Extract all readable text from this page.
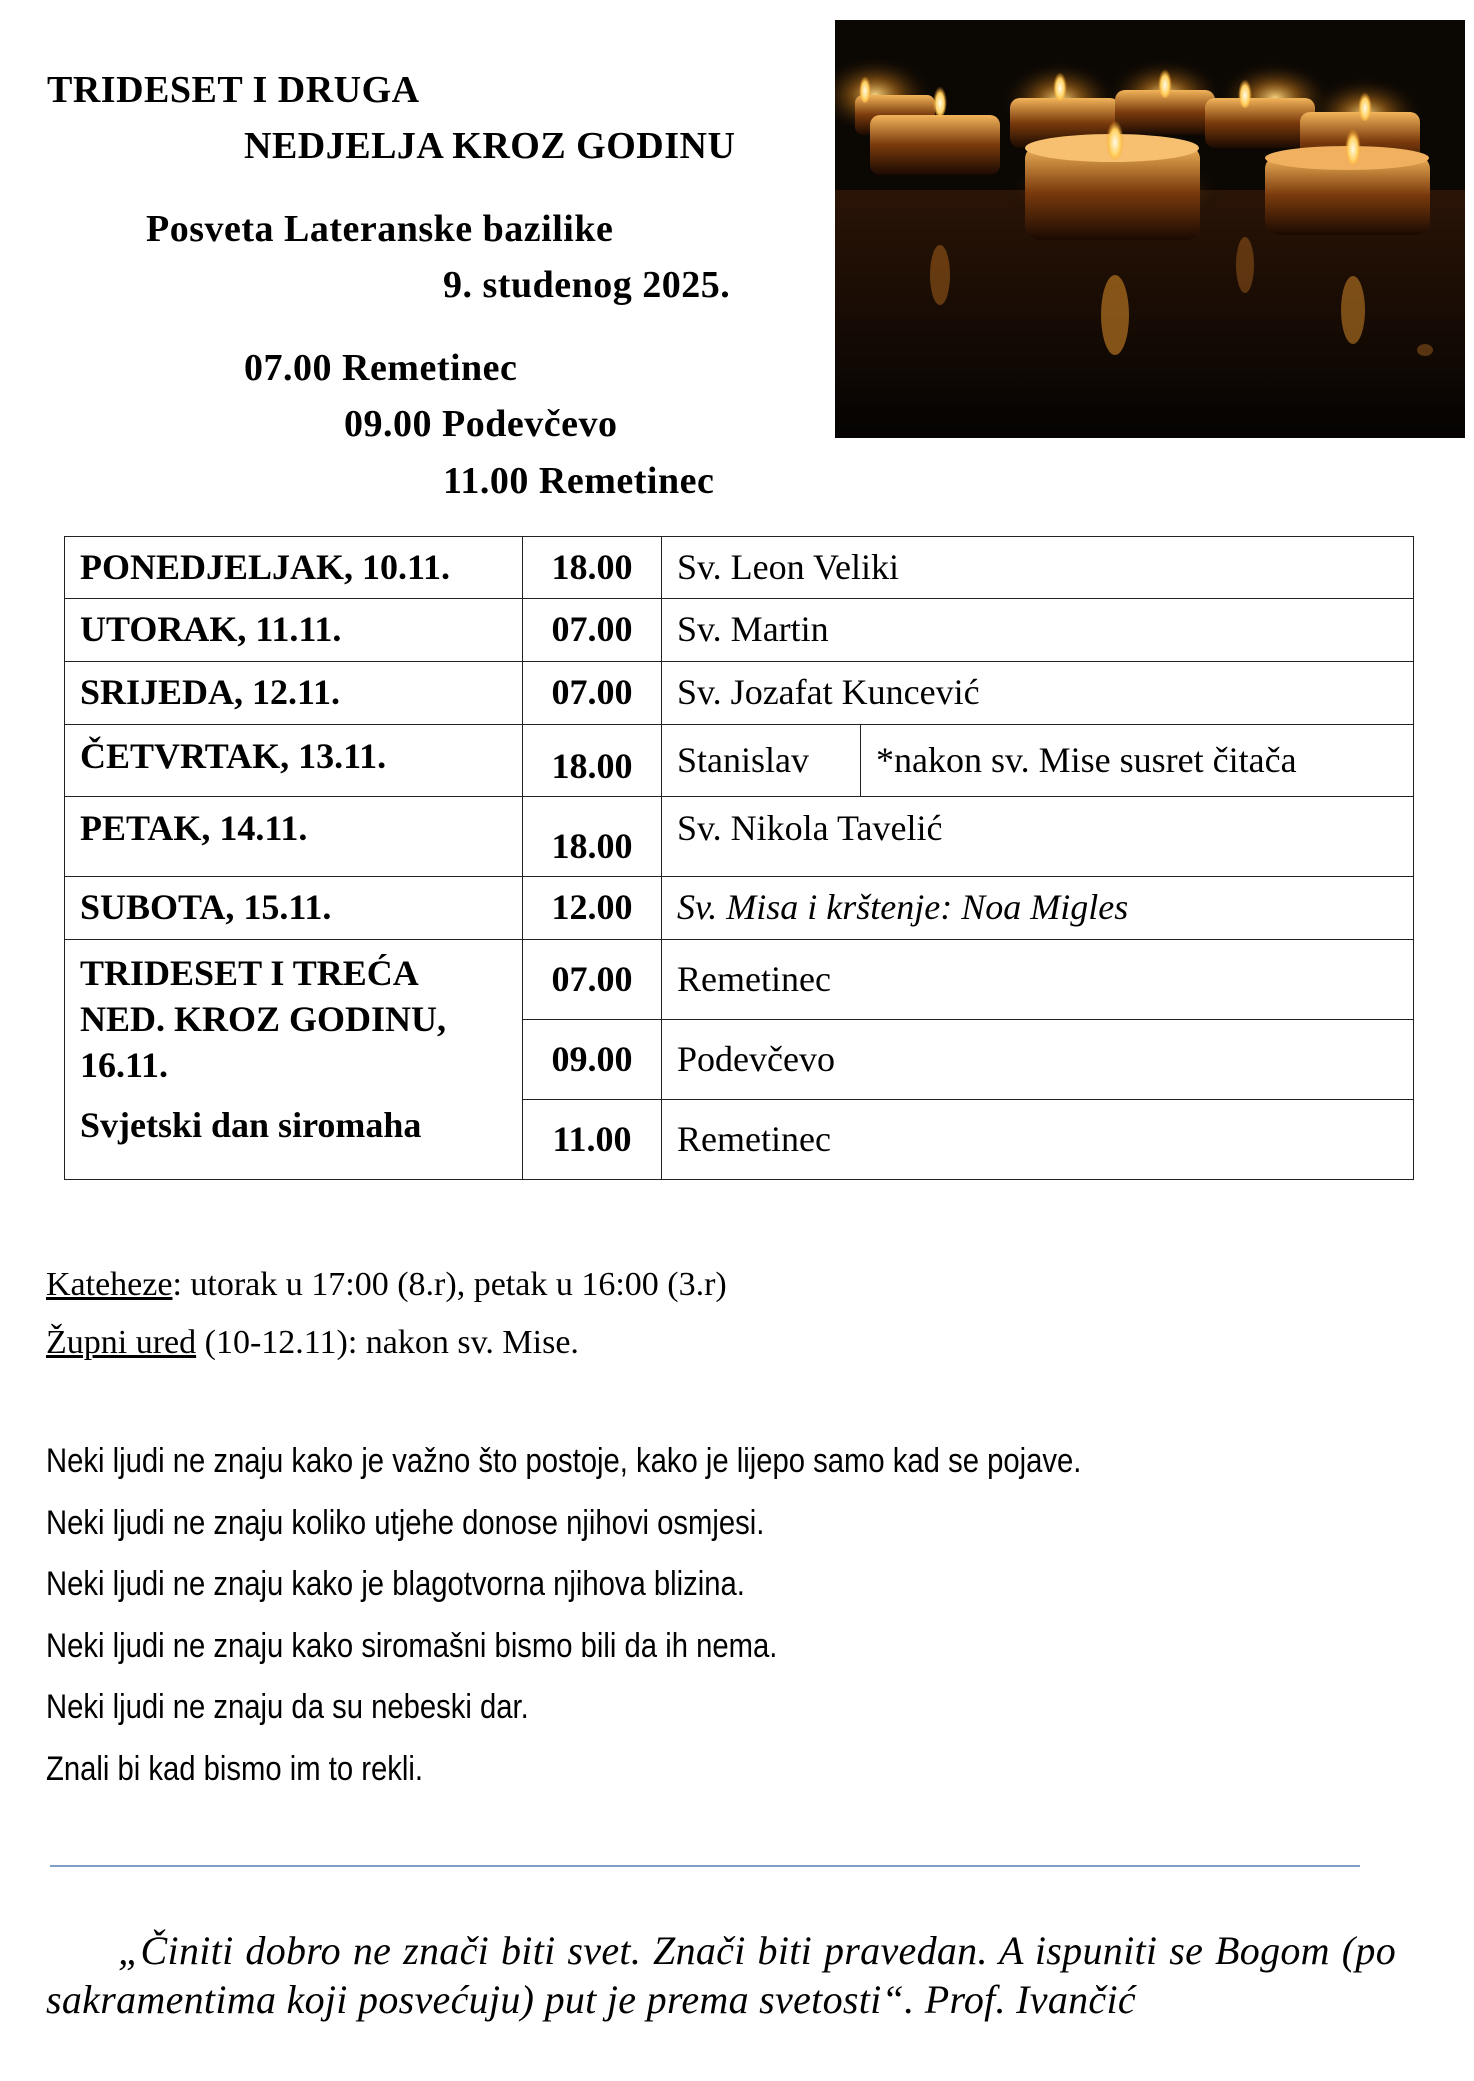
TRIDESET I DRUGA
NEDJELJA KROZ GODINU
Posveta Lateranske bazilike
9. studenog 2025.
07.00 Remetinec
09.00 Podevčevo
11.00 Remetinec
PONEDJELJAK, 10.11.	18.00	Sv. Leon Veliki	
UTORAK, 11.11.	07.00	Sv. Martin	
SRIJEDA, 12.11.	07.00	Sv. Jozafat Kuncević	
ČETVRTAK, 13.11.	18.00	Stanislav	*nakon sv. Mise susret čitača
PETAK, 14.11.	18.00	Sv. Nikola Tavelić	
SUBOTA, 15.11.	12.00	Sv. Misa i krštenje: Noa Migles	

TRIDESET I TREĆA
NED. KROZ GODINU,
16.11.
Svjetski dan siromaha	07.00	Remetinec	
	09.00	Podevčevo	
	11.00	Remetinec	
Kateheze: utorak u 17:00 (8.r), petak u 16:00 (3.r)
Župni ured (10-12.11): nakon sv. Mise.
Neki ljudi ne znaju kako je važno što postoje, kako je lijepo samo kad se pojave.
Neki ljudi ne znaju koliko utjehe donose njihovi osmjesi.
Neki ljudi ne znaju kako je blagotvorna njihova blizina.
Neki ljudi ne znaju kako siromašni bismo bili da ih nema.
Neki ljudi ne znaju da su nebeski dar.
Znali bi kad bismo im to rekli.
„Činiti dobro ne znači biti svet. Znači biti pravedan. A ispuniti se Bogom (po sakramentima koji posvećuju) put je prema svetosti“. Prof. Ivančić
